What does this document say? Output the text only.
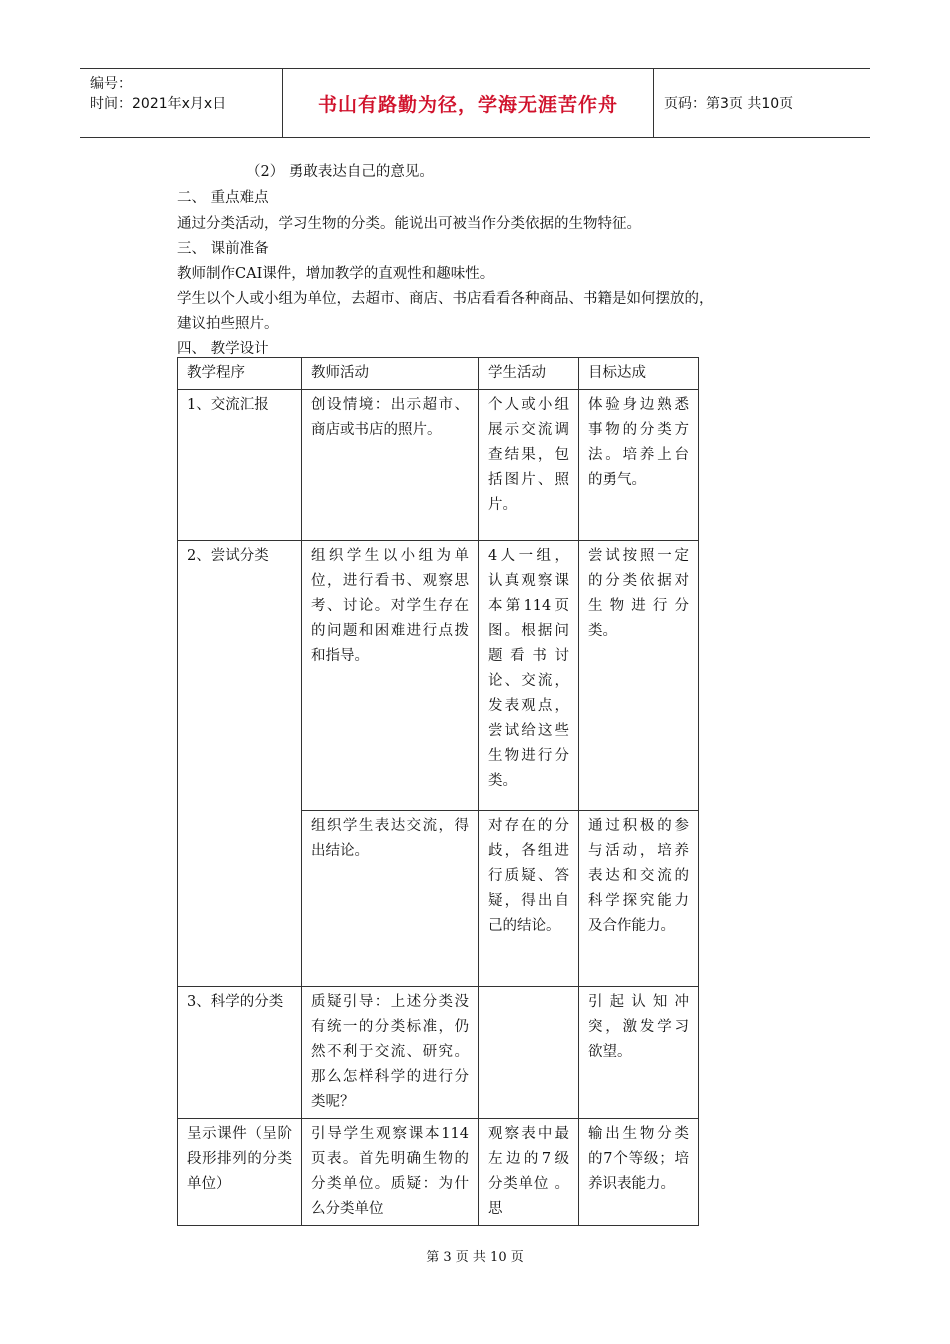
编号：
时间：2021年x月x日	书山有路勤为径，学海无涯苦作舟	页码：第3页 共10页
（2） 勇敢表达自己的意见。
二、 重点难点
通过分类活动，学习生物的分类。能说出可被当作分类依据的生物特征。
三、 课前准备
教师制作CAI课件，增加教学的直观性和趣味性。
学生以个人或小组为单位，去超市、商店、书店看看各种商品、书籍是如何摆放的，
建议拍些照片。
四、 教学设计
教学程序	教师活动	学生活动	目标达成
1、交流汇报	创设情境：出示超市、商店或书店的照片。	个人或小组展示交流调查结果，包括图片、照片。	体验身边熟悉事物的分类方法。培养上台的勇气。
2、尝试分类	组织学生以小组为单位，进行看书、观察思考、讨论。对学生存在的问题和困难进行点拨和指导。	4人一组，认真观察课本第114页图。根据问题看书讨论、交流，发表观点，尝试给这些生物进行分类。	尝试按照一定的分类依据对生物进行分类。
	组织学生表达交流，得出结论。	对存在的分歧，各组进行质疑、答疑，得出自己的结论。	通过积极的参与活动，培养表达和交流的科学探究能力及合作能力。
3、科学的分类	质疑引导：上述分类没有统一的分类标准，仍然不利于交流、研究。那么怎样科学的进行分类呢？		引起认知冲突，激发学习欲望。
呈示课件（呈阶段形排列的分类单位）	引导学生观察课本114页表。首先明确生物的分类单位。质疑：为什么分类单位	观察表中最左边的7级分类单位 。 思	输出生物分类的7个等级；培养识表能力。
第 3 页 共 10 页
